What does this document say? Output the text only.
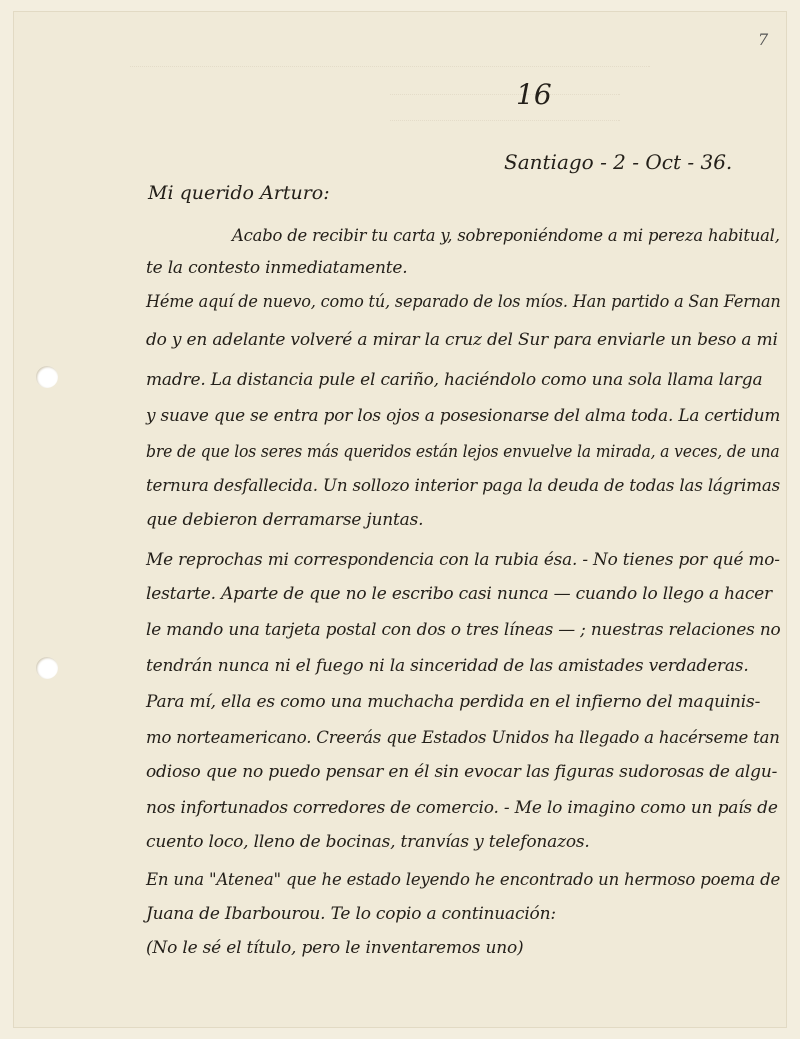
7
16
Santiago - 2 - Oct - 36.
Mi querido Arturo:
Acabo de recibir tu carta y, sobreponiéndome a mi pereza habitual,
te la contesto inmediatamente.
Héme aquí de nuevo, como tú, separado de los míos. Han partido a San Fernan
do y en adelante volveré a mirar la cruz del Sur para enviarle un beso a mi
madre. La distancia pule el cariño, haciéndolo como una sola llama larga
y suave que se entra por los ojos a posesionarse del alma toda. La certidum
bre de que los seres más queridos están lejos envuelve la mirada, a veces, de una
ternura desfallecida. Un sollozo interior paga la deuda de todas las lágrimas
que debieron derramarse juntas.
Me reprochas mi correspondencia con la rubia ésa. - No tienes por qué mo-
lestarte. Aparte de que no le escribo casi nunca — cuando lo llego a hacer
le mando una tarjeta postal con dos o tres líneas — ; nuestras relaciones no
tendrán nunca ni el fuego ni la sinceridad de las amistades verdaderas.
Para mí, ella es como una muchacha perdida en el infierno del maquinis-
mo norteamericano. Creerás que Estados Unidos ha llegado a hacérseme tan
odioso que no puedo pensar en él sin evocar las figuras sudorosas de algu-
nos infortunados corredores de comercio. - Me lo imagino como un país de
cuento loco, lleno de bocinas, tranvías y telefonazos.
En una "Atenea" que he estado leyendo he encontrado un hermoso poema de
Juana de Ibarbourou. Te lo copio a continuación:
(No le sé el título, pero le inventaremos uno)
